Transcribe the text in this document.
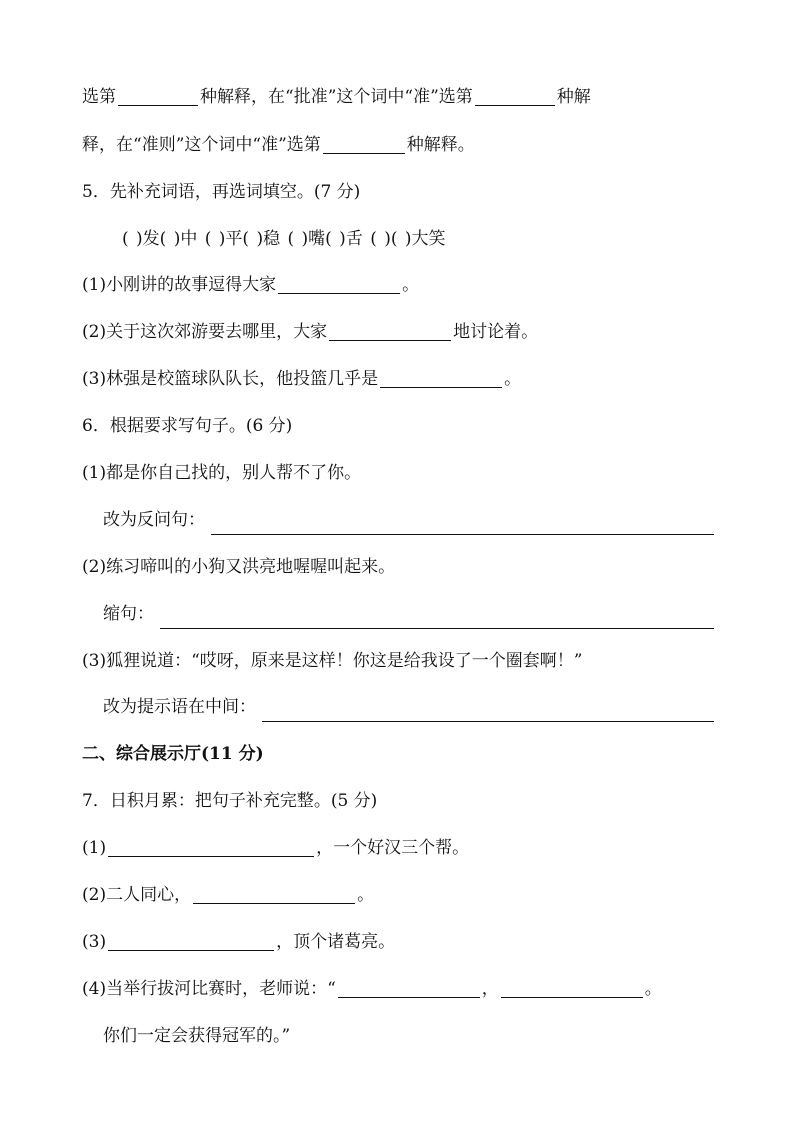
选第	种解释，在“批准”这个词中“准”选第	种解
释，在“准则”这个词中“准”选第	种解释。
5．先补充词语，再选词填空。(7 分)
( )发( )中 ( )平( )稳 ( )嘴( )舌 ( )( )大笑
(1)小刚讲的故事逗得大家	。
(2)关于这次郊游要去哪里，大家	地讨论着。
(3)林强是校篮球队队长，他投篮几乎是	。
6．根据要求写句子。(6 分)
(1)都是你自己找的，别人帮不了你。
改为反问句：
(2)练习啼叫的小狗又洪亮地喔喔叫起来。
缩句：
(3)狐狸说道：“哎呀，原来是这样！你这是给我设了一个圈套啊！”
改为提示语在中间：
二、综合展示厅(11 分)
7．日积月累：把句子补充完整。(5 分)
(1)	，一个好汉三个帮。
(2)二人同心，	。
(3)	，顶个诸葛亮。
(4)当举行拔河比赛时，老师说：“	，	。
你们一定会获得冠军的。”
